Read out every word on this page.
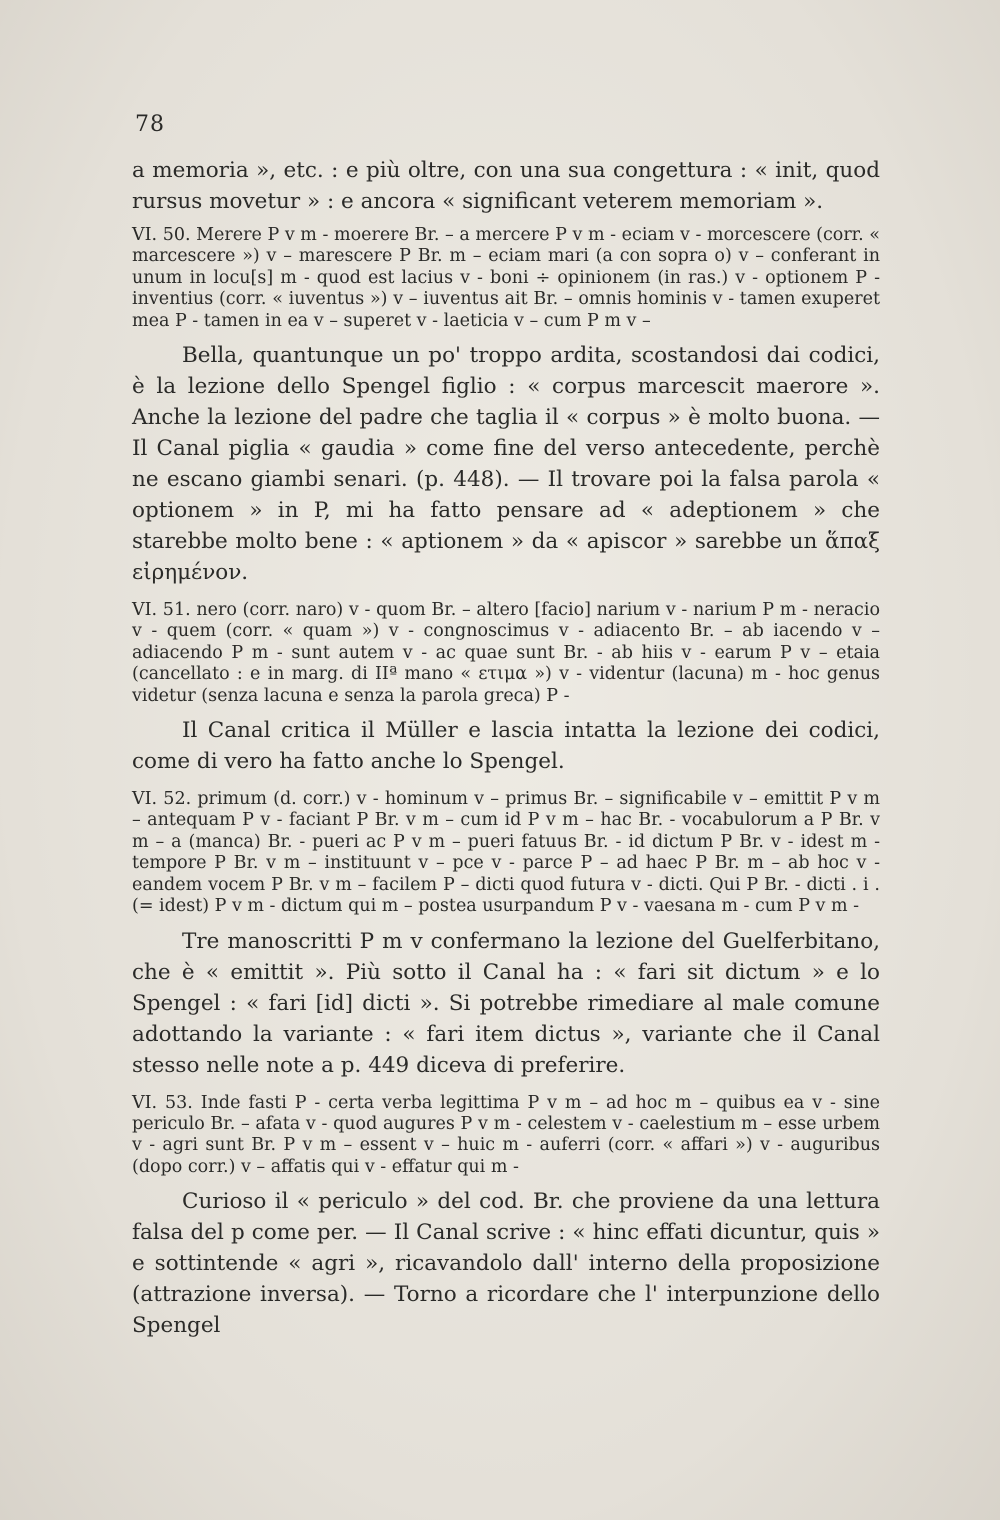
78

a memoria », etc. : e più oltre, con una sua congettura : « init, quod rursus movetur » : e ancora « significant veterem memoriam ».

VI. 50. Merere P v m - moerere Br. – a mercere P v m - eciam v - morcescere (corr. « marcescere ») v – marescere P Br. m – eciam mari (a con sopra o) v – conferant in unum in locu[s] m - quod est lacius v - boni ÷ opinionem (in ras.) v - optionem P - inventius (corr. « iuventus ») v – iuventus ait Br. – omnis hominis v - tamen exuperet mea P - tamen in ea v – superet v - laeticia v – cum P m v –

Bella, quantunque un po' troppo ardita, scostandosi dai codici, è la lezione dello Spengel figlio : « corpus marcescit maerore ». Anche la lezione del padre che taglia il « corpus » è molto buona. — Il Canal piglia « gaudia » come fine del verso antecedente, perchè ne escano giambi senari. (p. 448). — Il trovare poi la falsa parola « optionem » in P, mi ha fatto pensare ad « adeptionem » che starebbe molto bene : « aptionem » da « apiscor » sarebbe un ἅπαξ εἰρημένον.

VI. 51. nero (corr. naro) v - quom Br. – altero [facio] narium v - narium P m - neracio v - quem (corr. « quam ») v - congnoscimus v - adiacento Br. – ab iacendo v – adiacendo P m - sunt autem v - ac quae sunt Br. - ab hiis v - earum P v – etaia (cancellato : e in marg. di IIª mano « ετιμα ») v - videntur (lacuna) m - hoc genus videtur (senza lacuna e senza la parola greca) P -

Il Canal critica il Müller e lascia intatta la lezione dei codici, come di vero ha fatto anche lo Spengel.

VI. 52. primum (d. corr.) v - hominum v – primus Br. – significabile v – emittit P v m – antequam P v - faciant P Br. v m – cum id P v m – hac Br. - vocabulorum a P Br. v m – a (manca) Br. - pueri ac P v m – pueri fatuus Br. - id dictum P Br. v - idest m - tempore P Br. v m – instituunt v – pce v - parce P – ad haec P Br. m – ab hoc v - eandem vocem P Br. v m – facilem P – dicti quod futura v - dicti. Qui P Br. - dicti . i . (= idest) P v m - dictum qui m – postea usurpandum P v - vaesana m - cum P v m -

Tre manoscritti P m v confermano la lezione del Guelferbitano, che è « emittit ». Più sotto il Canal ha : « fari sit dictum » e lo Spengel : « fari [id] dicti ». Si potrebbe rimediare al male comune adottando la variante : « fari item dictus », variante che il Canal stesso nelle note a p. 449 diceva di preferire.

VI. 53. Inde fasti P - certa verba legittima P v m – ad hoc m – quibus ea v - sine periculo Br. – afata v - quod augures P v m - celestem v - caelestium m – esse urbem v - agri sunt Br. P v m – essent v – huic m - auferri (corr. « affari ») v - auguribus (dopo corr.) v – affatis qui v - effatur qui m -

Curioso il « periculo » del cod. Br. che proviene da una lettura falsa del p come per. — Il Canal scrive : « hinc effati dicuntur, quis » e sottintende « agri », ricavandolo dall' interno della proposizione (attrazione inversa). — Torno a ricordare che l' interpunzione dello Spengel
